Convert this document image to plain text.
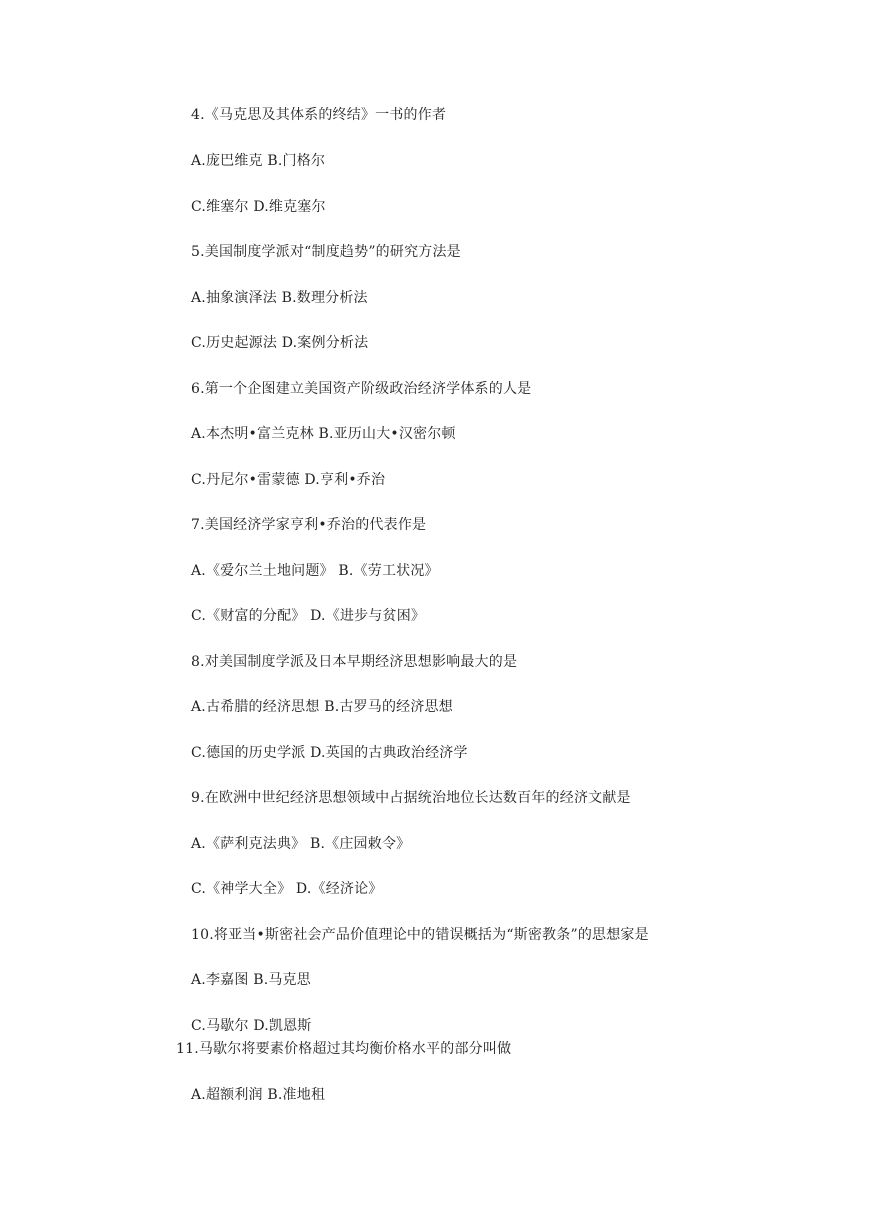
4.《马克思及其体系的终结》一书的作者
A.庞巴维克 B.门格尔
C.维塞尔 D.维克塞尔
5.美国制度学派对“制度趋势”的研究方法是
A.抽象演泽法 B.数理分析法
C.历史起源法 D.案例分析法
6.第一个企图建立美国资产阶级政治经济学体系的人是
A.本杰明•富兰克林 B.亚历山大•汉密尔顿
C.丹尼尔•雷蒙德 D.亨利•乔治
7.美国经济学家亨利•乔治的代表作是
A.《爱尔兰土地问题》 B.《劳工状况》
C.《财富的分配》 D.《进步与贫困》
8.对美国制度学派及日本早期经济思想影响最大的是
A.古希腊的经济思想 B.古罗马的经济思想
C.德国的历史学派 D.英国的古典政治经济学
9.在欧洲中世纪经济思想领域中占据统治地位长达数百年的经济文献是
A.《萨利克法典》 B.《庄园敕令》
C.《神学大全》 D.《经济论》
10.将亚当•斯密社会产品价值理论中的错误概括为“斯密教条”的思想家是
A.李嘉图 B.马克思
C.马歇尔 D.凯恩斯
11.马歇尔将要素价格超过其均衡价格水平的部分叫做
A.超额利润 B.准地租
